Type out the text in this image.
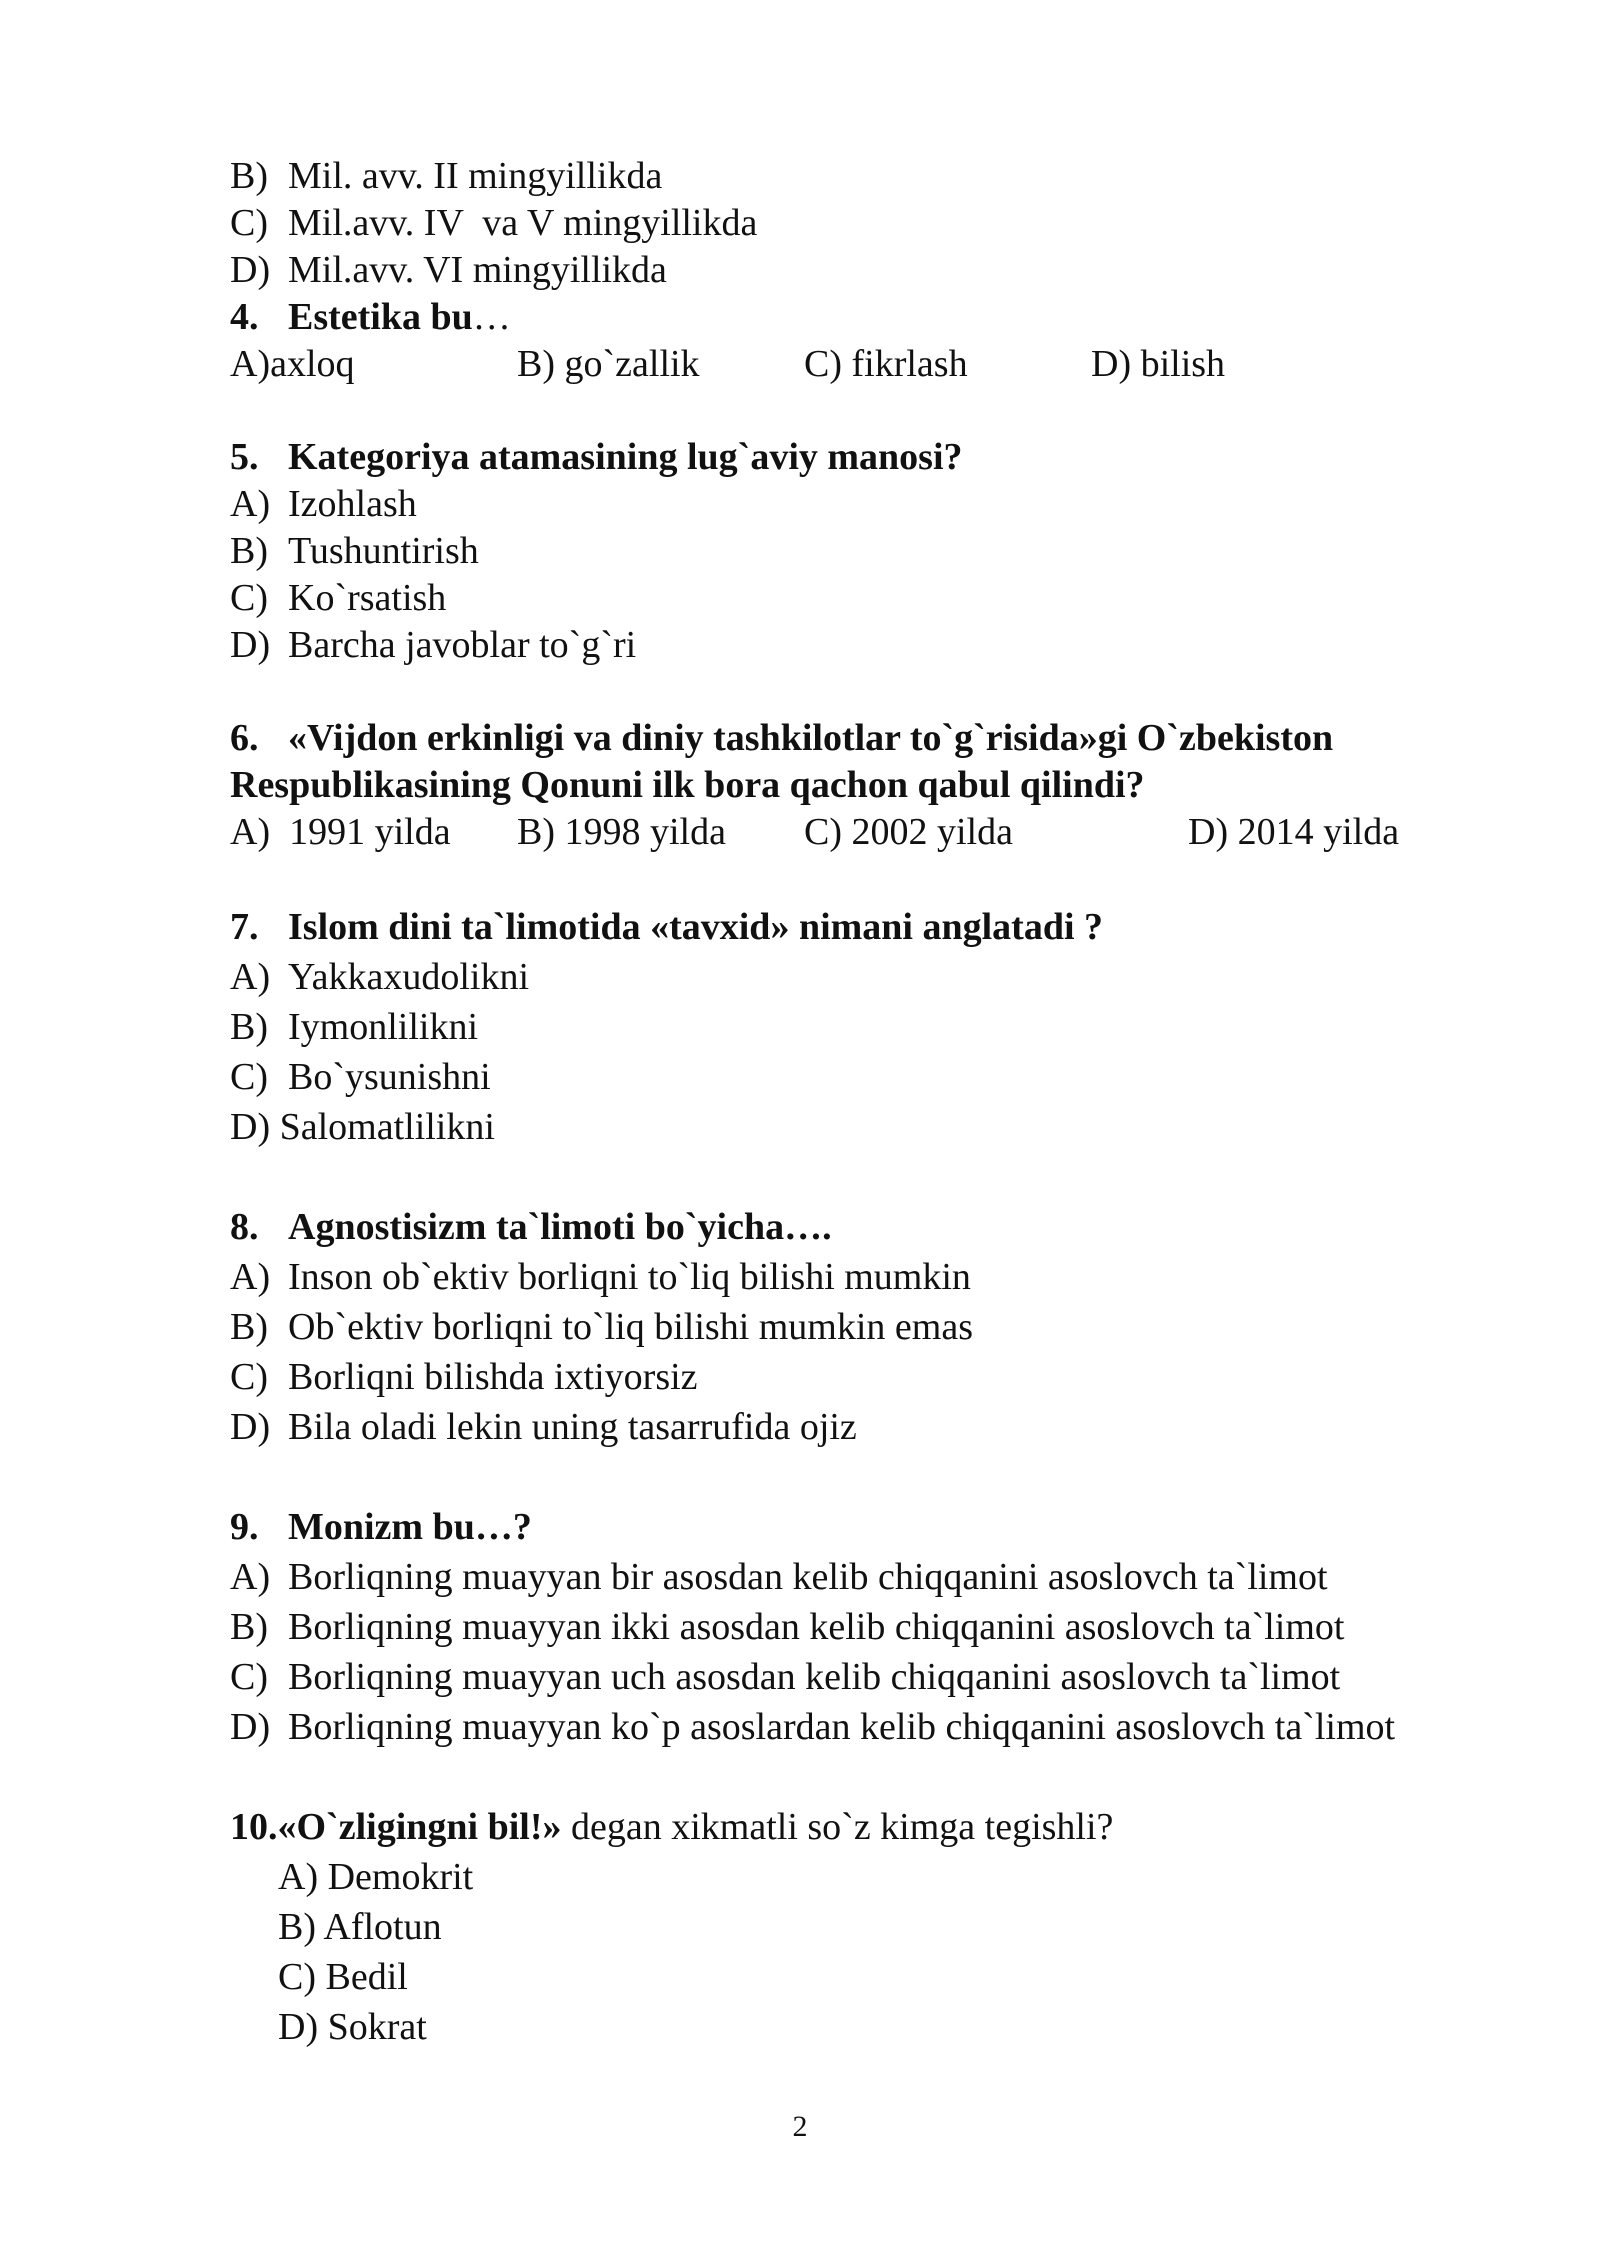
B) Mil. avv. II mingyillikda
C) Mil.avv. IV  va V mingyillikda
D) Mil.avv. VI mingyillikda
4. Estetika bu…
A)axloq	B) go`zallik	C) fikrlash	D) bilish
5. Kategoriya atamasining lug`aviy manosi?
A) Izohlash
B) Tushuntirish
C) Ko`rsatish
D) Barcha javoblar to`g`ri
6. «Vijdon erkinligi va diniy tashkilotlar to`g`risida»gi O`zbekiston
Respublikasining Qonuni ilk bora qachon qabul qilindi?
A)  1991 yilda B) 1998 yilda C) 2002 yilda	D) 2014 yilda
7. Islom dini ta`limotida «tavxid» nimani anglatadi ?
A) Yakkaxudolikni
B) Iymonlilikni
C) Bo`ysunishni
D) Salomatlilikni
8. Agnostisizm ta`limoti bo`yicha….
A) Inson ob`ektiv borliqni to`liq bilishi mumkin
B) Ob`ektiv borliqni to`liq bilishi mumkin emas
C) Borliqni bilishda ixtiyorsiz
D) Bila oladi lekin uning tasarrufida ojiz
9. Monizm bu…?
A) Borliqning muayyan bir asosdan kelib chiqqanini asoslovch ta`limot
B) Borliqning muayyan ikki asosdan kelib chiqqanini asoslovch ta`limot
C) Borliqning muayyan uch asosdan kelib chiqqanini asoslovch ta`limot
D) Borliqning muayyan ko`p asoslardan kelib chiqqanini asoslovch ta`limot
10.«O`zligingni bil!» degan xikmatli so`z kimga tegishli?
A) Demokrit
B) Aflotun
C) Bedil
D) Sokrat
2
